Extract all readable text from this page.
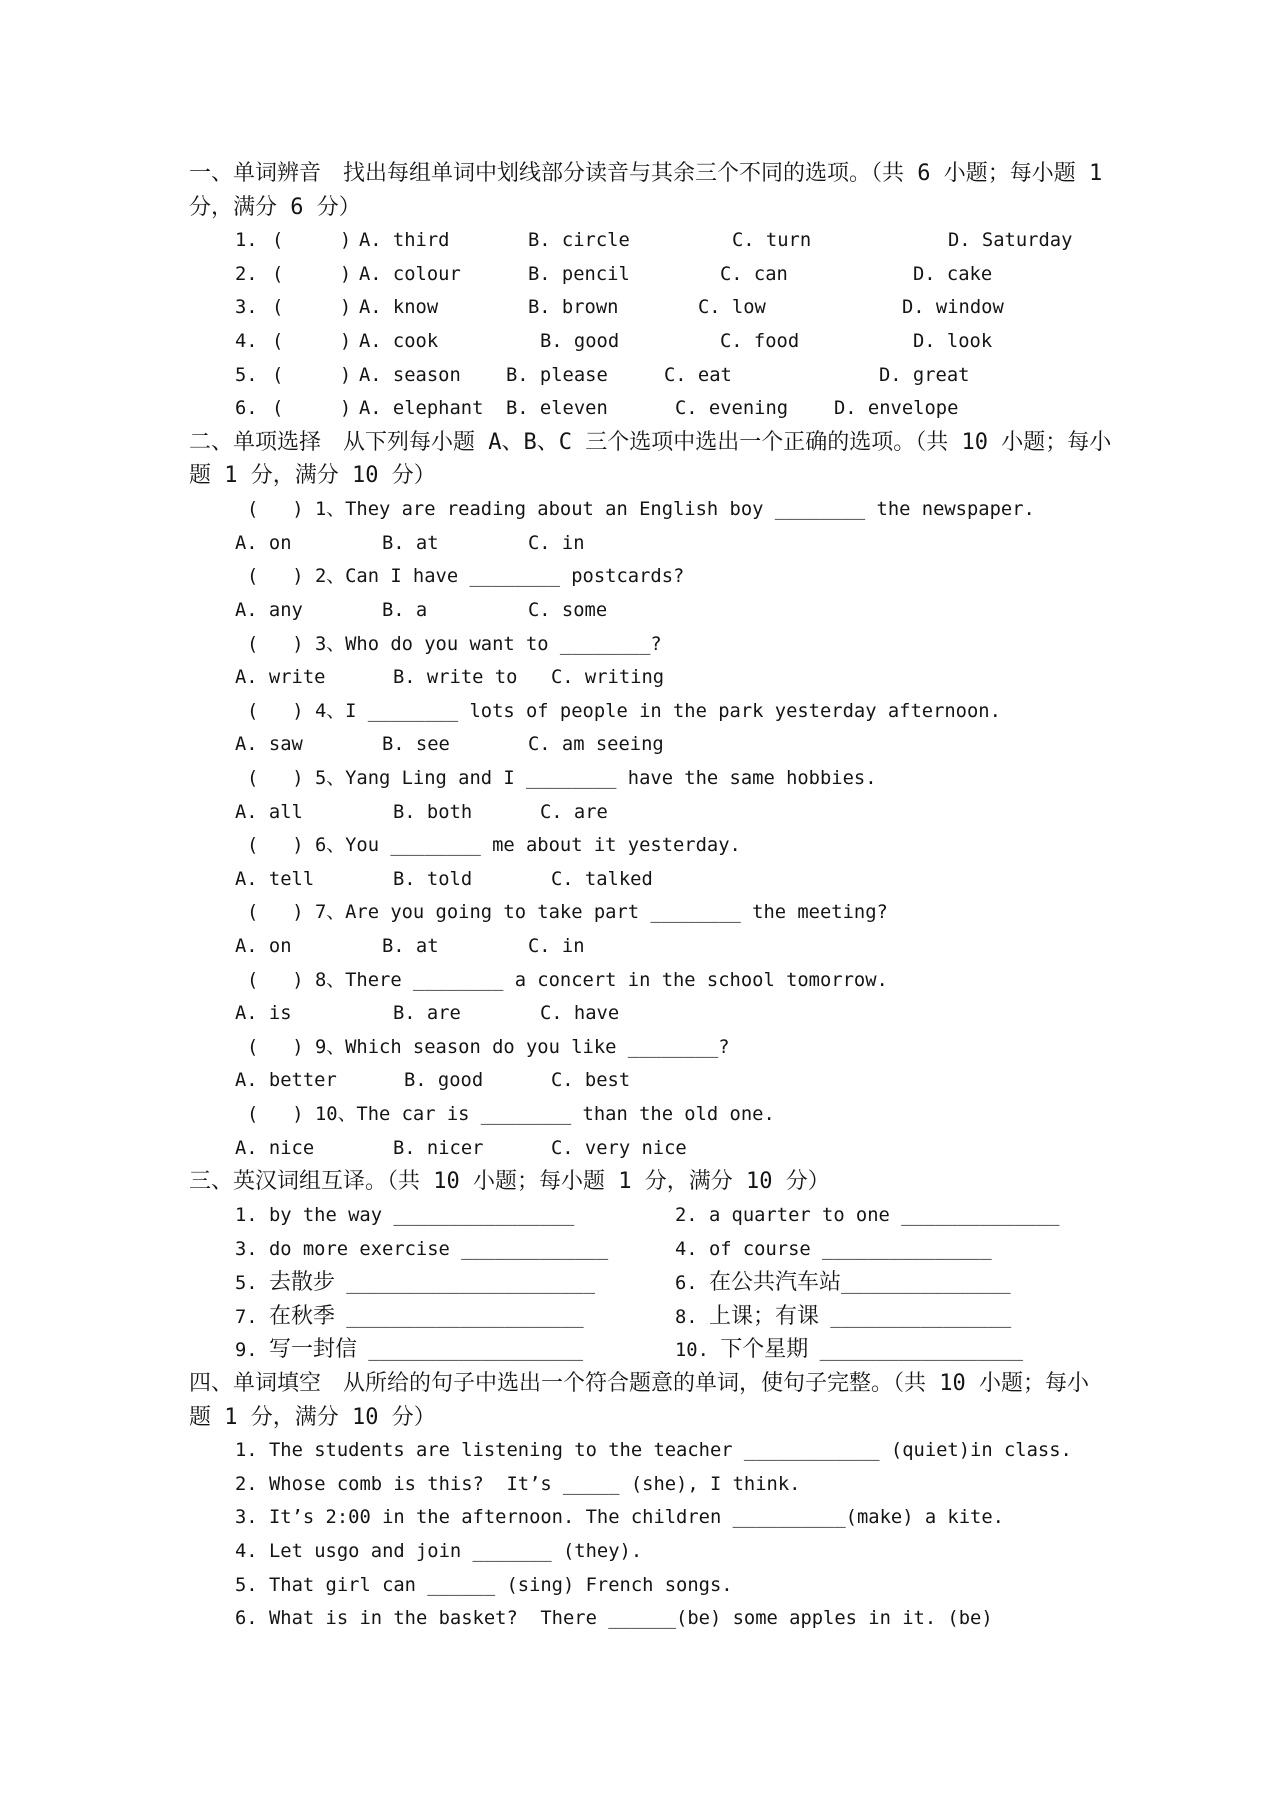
一、单词辨音　找出每组单词中划线部分读音与其余三个不同的选项。（共 6 小题；每小题 1
分，满分 6 分）
1. (     ) A. third	B. circle	C. turn	D. Saturday
2. (     ) A. colour	B. pencil	C. can	D. cake
3. (     ) A. know	B. brown	C. low	D. window
4. (     ) A. cook	B. good	C. food	D. look
5. (     ) A. season B. please	C. eat	D. great
6. (     ) A. elephant B. eleven	C. evening D. envelope
二、单项选择　从下列每小题 A、B、C 三个选项中选出一个正确的选项。（共 10 小题；每小
题 1 分，满分 10 分）
(   ) 1、They are reading about an English boy ________ the newspaper.
A. on	B. at	C. in
(   ) 2、Can I have ________ postcards?
A. any	B. a	C. some
(   ) 3、Who do you want to ________?
A. write	B. write to C. writing
(   ) 4、I ________ lots of people in the park yesterday afternoon.
A. saw	B. see	C. am seeing
(   ) 5、Yang Ling and I ________ have the same hobbies.
A. all	B. both	C. are
(   ) 6、You ________ me about it yesterday.
A. tell	B. told	C. talked
(   ) 7、Are you going to take part ________ the meeting?
A. on	B. at	C. in
(   ) 8、There ________ a concert in the school tomorrow.
A. is	B. are	C. have
(   ) 9、Which season do you like ________?
A. better	B. good	C. best
(   ) 10、The car is ________ than the old one.
A. nice	B. nicer	C. very nice
三、英汉词组互译。（共 10 小题；每小题 1 分，满分 10 分）
1. by the way ________________	2. a quarter to one ______________
3. do more exercise _____________	4. of course _______________
5. 去散步 ______________________	6. 在公共汽车站_______________
7. 在秋季 _____________________	8. 上课；有课 ________________
9. 写一封信 ___________________	10. 下个星期 __________________
四、单词填空　从所给的句子中选出一个符合题意的单词，使句子完整。（共 10 小题；每小
题 1 分，满分 10 分）
1. The students are listening to the teacher ____________ (quiet)in class.
2. Whose comb is this?  It’s _____ (she), I think.
3. It’s 2:00 in the afternoon. The children __________(make) a kite.
4. Let usgo and join _______ (they).
5. That girl can ______ (sing) French songs.
6. What is in the basket?  There ______(be) some apples in it. (be)
